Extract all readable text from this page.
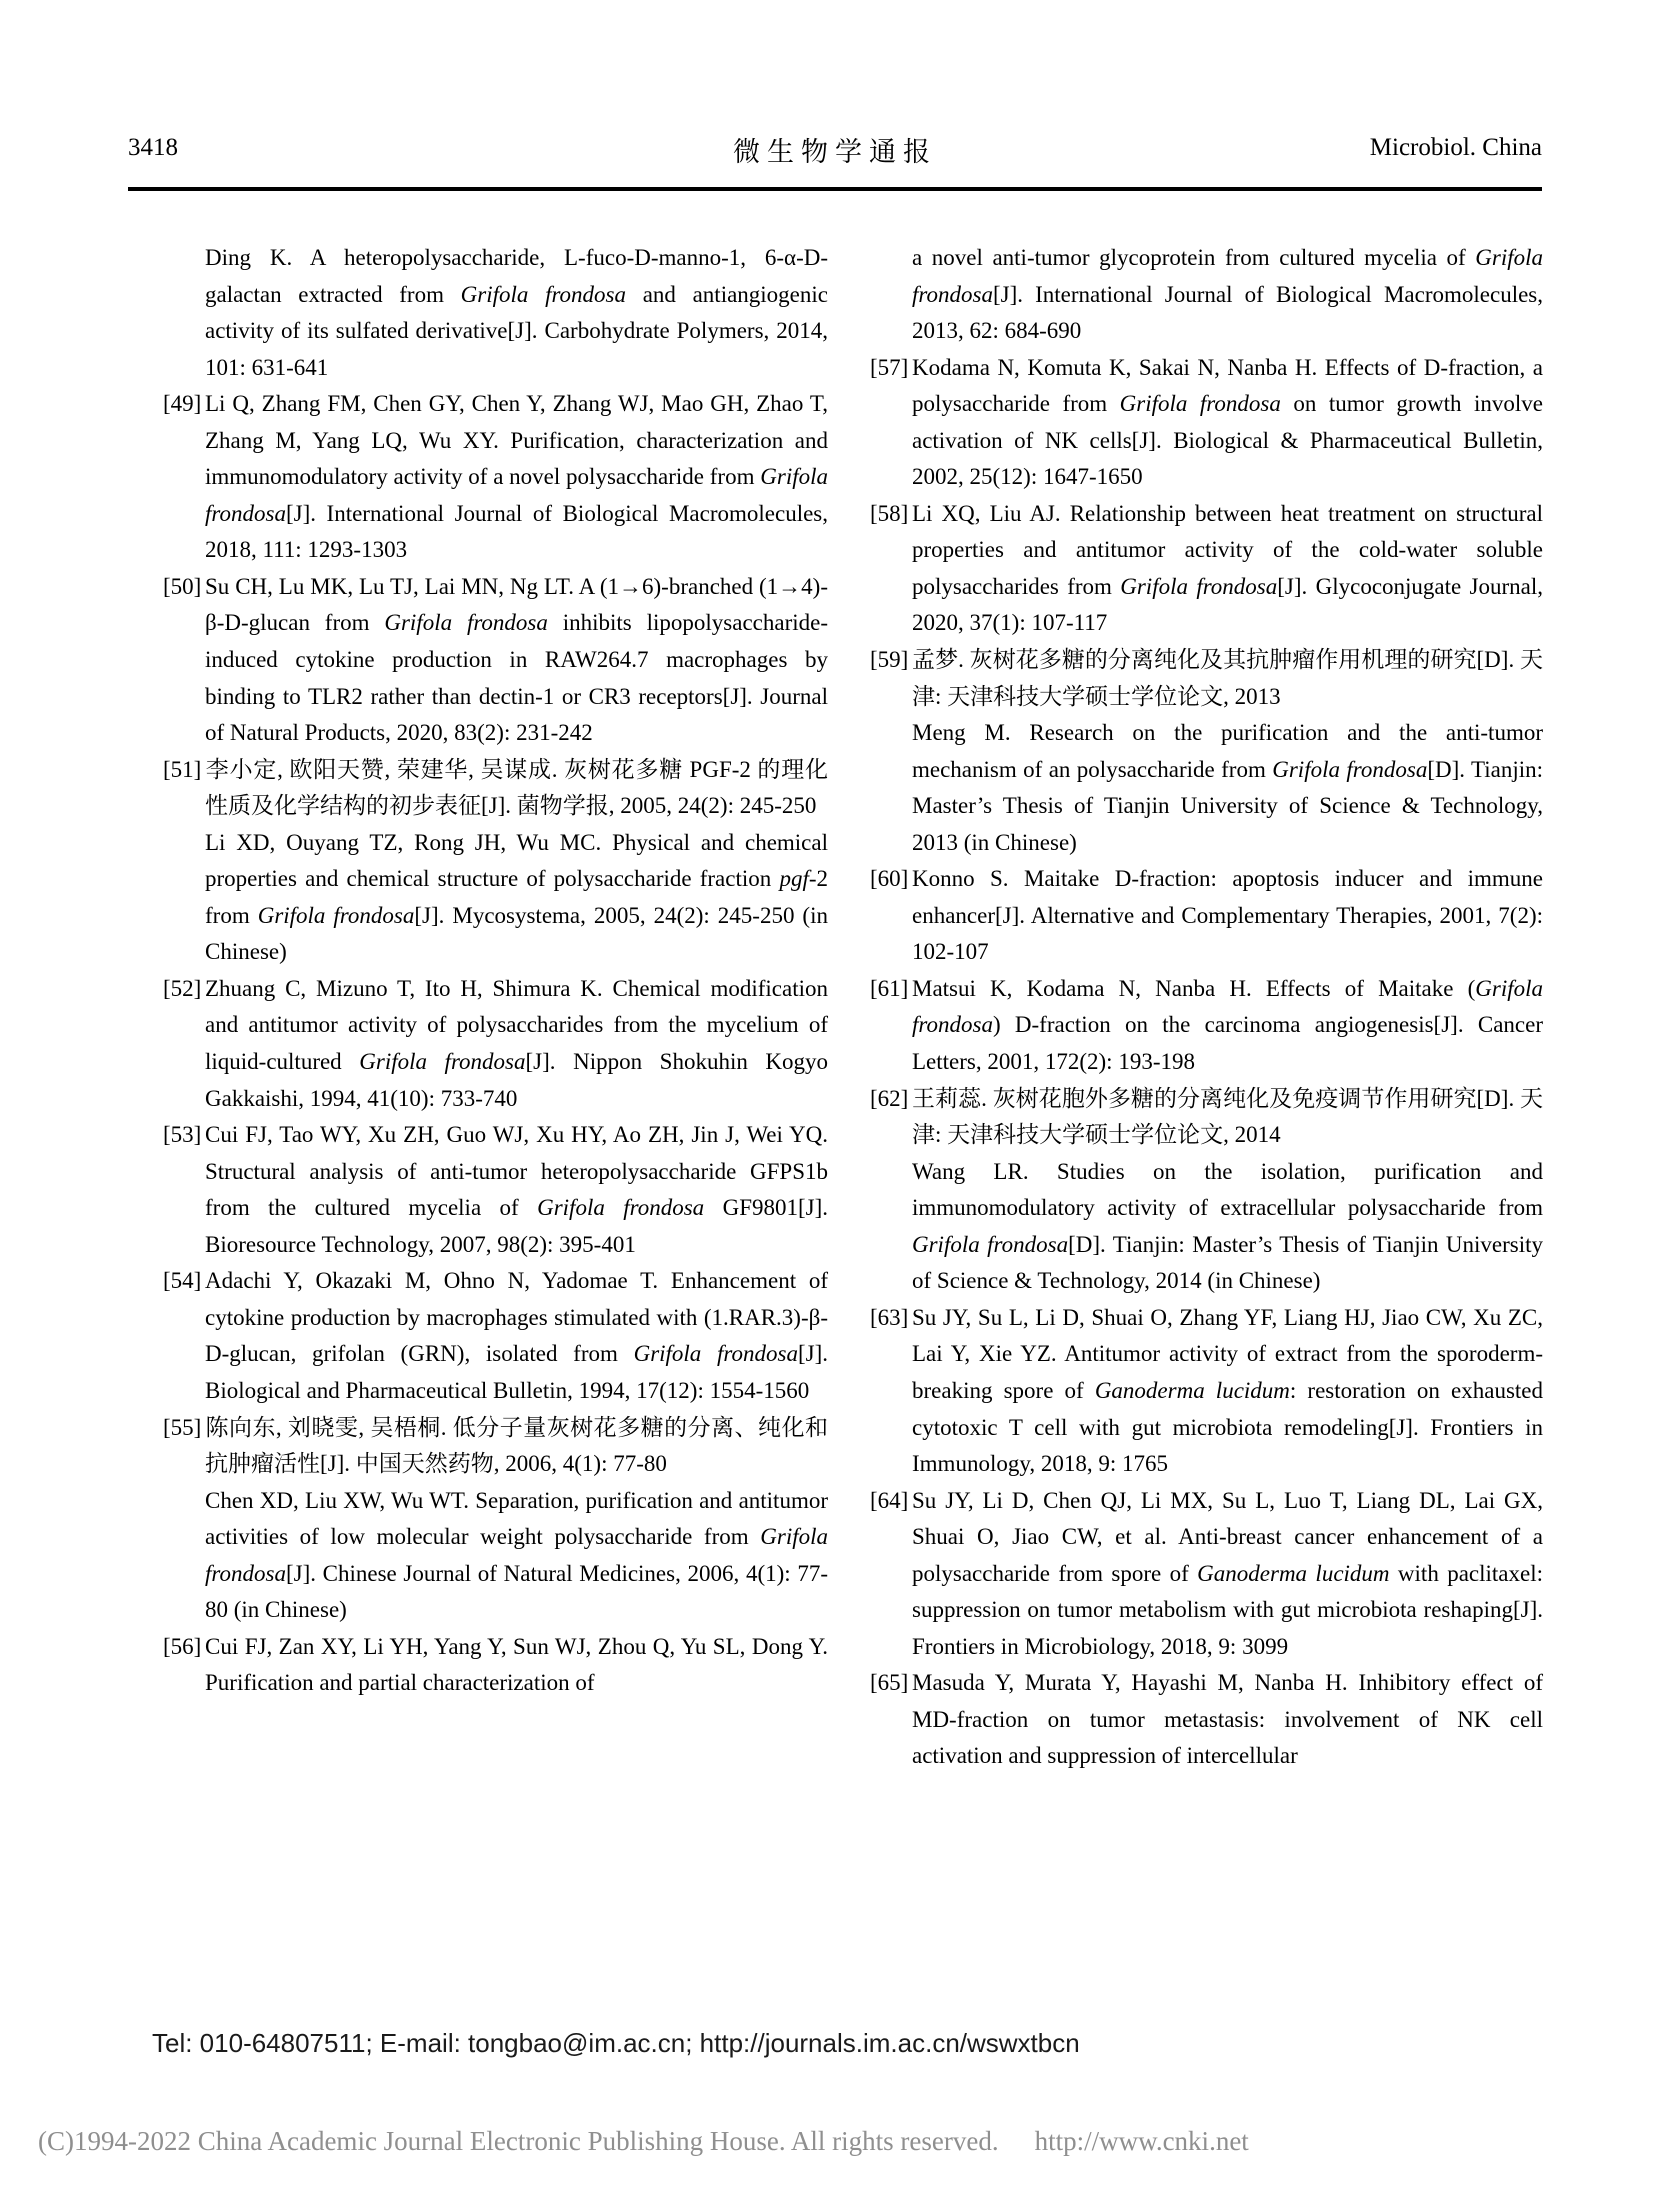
3418	微生物学通报	Microbiol. China
Ding K. A heteropolysaccharide, L-fuco-D-manno-1, 6-α-D-galactan extracted from Grifola frondosa and antiangiogenic activity of its sulfated derivative[J]. Carbohydrate Polymers, 2014, 101: 631-641
[49] Li Q, Zhang FM, Chen GY, Chen Y, Zhang WJ, Mao GH, Zhao T, Zhang M, Yang LQ, Wu XY. Purification, characterization and immunomodulatory activity of a novel polysaccharide from Grifola frondosa[J]. International Journal of Biological Macromolecules, 2018, 111: 1293-1303
[50] Su CH, Lu MK, Lu TJ, Lai MN, Ng LT. A (1→6)-branched (1→4)-β-D-glucan from Grifola frondosa inhibits lipopolysaccharide-induced cytokine production in RAW264.7 macrophages by binding to TLR2 rather than dectin-1 or CR3 receptors[J]. Journal of Natural Products, 2020, 83(2): 231-242
[51] 李小定, 欧阳天赞, 荣建华, 吴谋成. 灰树花多糖 PGF-2 的理化性质及化学结构的初步表征[J]. 菌物学报, 2005, 24(2): 245-250
Li XD, Ouyang TZ, Rong JH, Wu MC. Physical and chemical properties and chemical structure of polysaccharide fraction pgf-2 from Grifola frondosa[J]. Mycosystema, 2005, 24(2): 245-250 (in Chinese)
[52] Zhuang C, Mizuno T, Ito H, Shimura K. Chemical modification and antitumor activity of polysaccharides from the mycelium of liquid-cultured Grifola frondosa[J]. Nippon Shokuhin Kogyo Gakkaishi, 1994, 41(10): 733-740
[53] Cui FJ, Tao WY, Xu ZH, Guo WJ, Xu HY, Ao ZH, Jin J, Wei YQ. Structural analysis of anti-tumor heteropolysaccharide GFPS1b from the cultured mycelia of Grifola frondosa GF9801[J]. Bioresource Technology, 2007, 98(2): 395-401
[54] Adachi Y, Okazaki M, Ohno N, Yadomae T. Enhancement of cytokine production by macrophages stimulated with (1.RAR.3)-β-D-glucan, grifolan (GRN), isolated from Grifola frondosa[J]. Biological and Pharmaceutical Bulletin, 1994, 17(12): 1554-1560
[55] 陈向东, 刘晓雯, 吴梧桐. 低分子量灰树花多糖的分离、纯化和抗肿瘤活性[J]. 中国天然药物, 2006, 4(1): 77-80
Chen XD, Liu XW, Wu WT. Separation, purification and antitumor activities of low molecular weight polysaccharide from Grifola frondosa[J]. Chinese Journal of Natural Medicines, 2006, 4(1): 77-80 (in Chinese)
[56] Cui FJ, Zan XY, Li YH, Yang Y, Sun WJ, Zhou Q, Yu SL, Dong Y. Purification and partial characterization of
a novel anti-tumor glycoprotein from cultured mycelia of Grifola frondosa[J]. International Journal of Biological Macromolecules, 2013, 62: 684-690
[57] Kodama N, Komuta K, Sakai N, Nanba H. Effects of D-fraction, a polysaccharide from Grifola frondosa on tumor growth involve activation of NK cells[J]. Biological & Pharmaceutical Bulletin, 2002, 25(12): 1647-1650
[58] Li XQ, Liu AJ. Relationship between heat treatment on structural properties and antitumor activity of the cold-water soluble polysaccharides from Grifola frondosa[J]. Glycoconjugate Journal, 2020, 37(1): 107-117
[59] 孟梦. 灰树花多糖的分离纯化及其抗肿瘤作用机理的研究[D]. 天津: 天津科技大学硕士学位论文, 2013
Meng M. Research on the purification and the anti-tumor mechanism of an polysaccharide from Grifola frondosa[D]. Tianjin: Master’s Thesis of Tianjin University of Science & Technology, 2013 (in Chinese)
[60] Konno S. Maitake D-fraction: apoptosis inducer and immune enhancer[J]. Alternative and Complementary Therapies, 2001, 7(2): 102-107
[61] Matsui K, Kodama N, Nanba H. Effects of Maitake (Grifola frondosa) D-fraction on the carcinoma angiogenesis[J]. Cancer Letters, 2001, 172(2): 193-198
[62] 王莉蕊. 灰树花胞外多糖的分离纯化及免疫调节作用研究[D]. 天津: 天津科技大学硕士学位论文, 2014
Wang LR. Studies on the isolation, purification and immunomodulatory activity of extracellular polysaccharide from Grifola frondosa[D]. Tianjin: Master’s Thesis of Tianjin University of Science & Technology, 2014 (in Chinese)
[63] Su JY, Su L, Li D, Shuai O, Zhang YF, Liang HJ, Jiao CW, Xu ZC, Lai Y, Xie YZ. Antitumor activity of extract from the sporoderm-breaking spore of Ganoderma lucidum: restoration on exhausted cytotoxic T cell with gut microbiota remodeling[J]. Frontiers in Immunology, 2018, 9: 1765
[64] Su JY, Li D, Chen QJ, Li MX, Su L, Luo T, Liang DL, Lai GX, Shuai O, Jiao CW, et al. Anti-breast cancer enhancement of a polysaccharide from spore of Ganoderma lucidum with paclitaxel: suppression on tumor metabolism with gut microbiota reshaping[J]. Frontiers in Microbiology, 2018, 9: 3099
[65] Masuda Y, Murata Y, Hayashi M, Nanba H. Inhibitory effect of MD-fraction on tumor metastasis: involvement of NK cell activation and suppression of intercellular
Tel: 010-64807511; E-mail: tongbao@im.ac.cn; http://journals.im.ac.cn/wswxtbcn
(C)1994-2022 China Academic Journal Electronic Publishing House. All rights reserved. http://www.cnki.net
